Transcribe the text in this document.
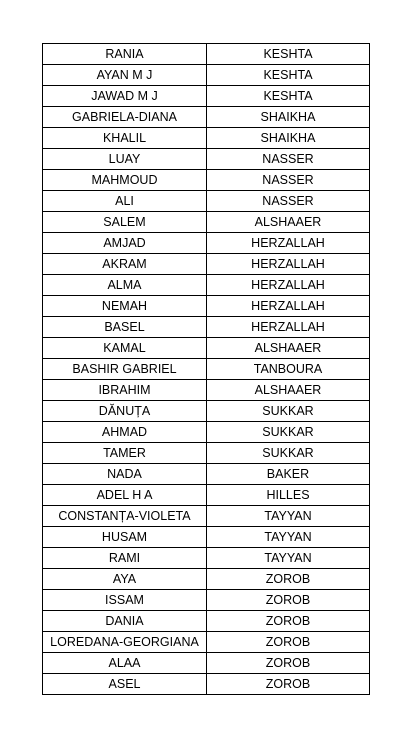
RANIA	KESHTA
AYAN M J	KESHTA
JAWAD M J	KESHTA
GABRIELA-DIANA	SHAIKHA
KHALIL	SHAIKHA
LUAY	NASSER
MAHMOUD	NASSER
ALI	NASSER
SALEM	ALSHAAER
AMJAD	HERZALLAH
AKRAM	HERZALLAH
ALMA	HERZALLAH
NEMAH	HERZALLAH
BASEL	HERZALLAH
KAMAL	ALSHAAER
BASHIR GABRIEL	TANBOURA
IBRAHIM	ALSHAAER
DĂNUȚA	SUKKAR
AHMAD	SUKKAR
TAMER	SUKKAR
NADA	BAKER
ADEL H A	HILLES
CONSTANȚA-VIOLETA	TAYYAN
HUSAM	TAYYAN
RAMI	TAYYAN
AYA	ZOROB
ISSAM	ZOROB
DANIA	ZOROB
LOREDANA-GEORGIANA	ZOROB
ALAA	ZOROB
ASEL	ZOROB
